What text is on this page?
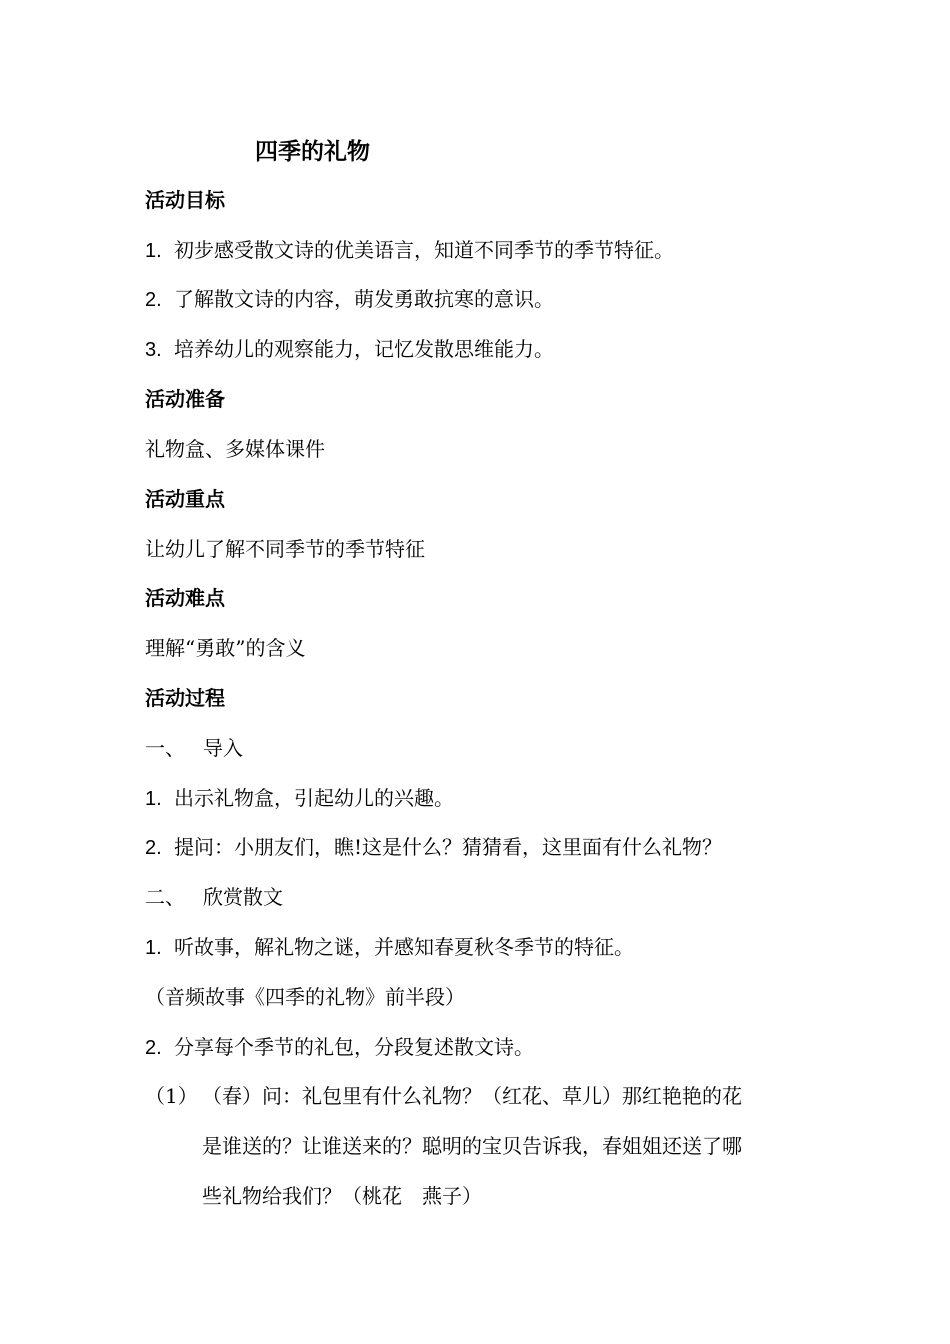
四季的礼物
活动目标
1. 初步感受散文诗的优美语言，知道不同季节的季节特征。
2. 了解散文诗的内容，萌发勇敢抗寒的意识。
3. 培养幼儿的观察能力，记忆发散思维能力。
活动准备
礼物盒、多媒体课件
活动重点
让幼儿了解不同季节的季节特征
活动难点
理解“勇敢”的含义
活动过程
一、 导入
1. 出示礼物盒，引起幼儿的兴趣。
2. 提问：小朋友们，瞧!这是什么？猜猜看，这里面有什么礼物？
二、 欣赏散文
1. 听故事，解礼物之谜，并感知春夏秋冬季节的特征。
（音频故事《四季的礼物》前半段）
2. 分享每个季节的礼包，分段复述散文诗。
（1） （春）问：礼包里有什么礼物？（红花、草儿）那红艳艳的花
是谁送的？让谁送来的？聪明的宝贝告诉我，春姐姐还送了哪
些礼物给我们？（桃花　燕子）
